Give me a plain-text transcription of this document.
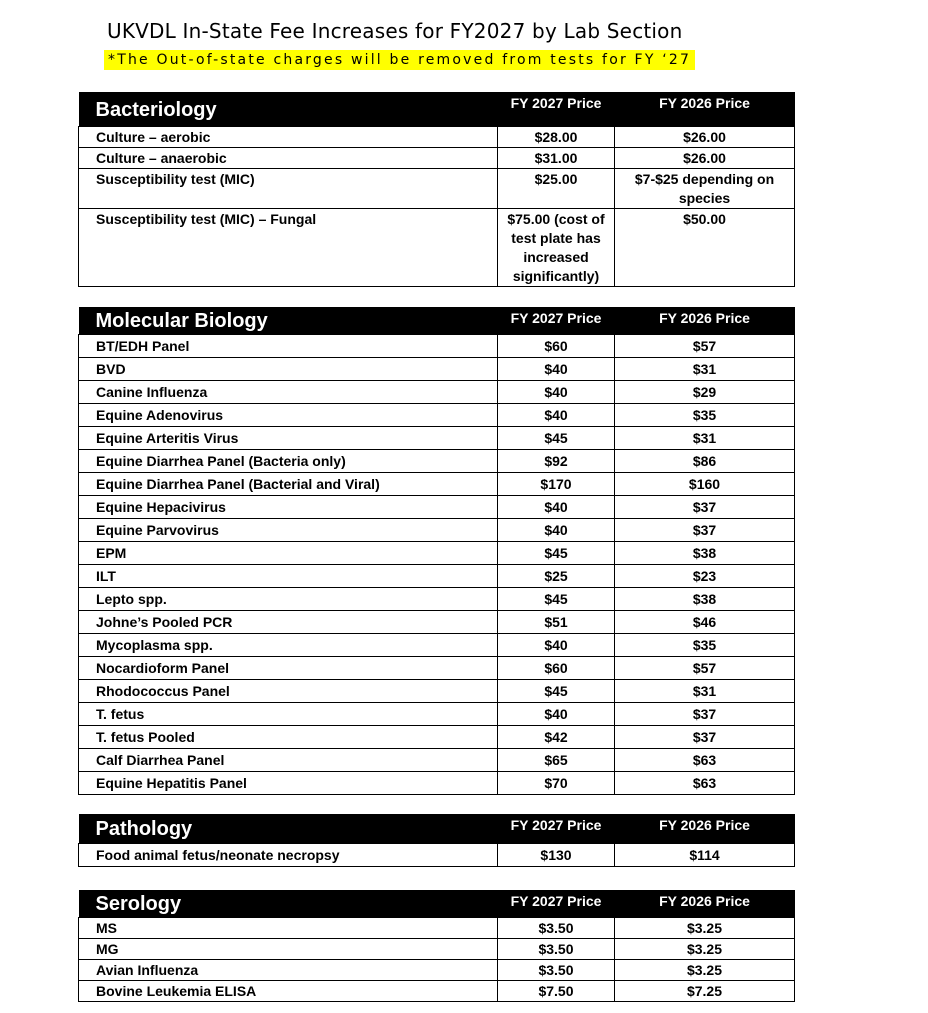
UKVDL In-State Fee Increases for FY2027 by Lab Section
*The Out-of-state charges will be removed from tests for FY ‘27
Bacteriology	FY 2027 Price	FY 2026 Price
Culture – aerobic	$28.00	$26.00
Culture – anaerobic	$31.00	$26.00
Susceptibility test (MIC)	$25.00	$7-$25 depending on species
Susceptibility test (MIC) – Fungal	$75.00 (cost of test plate has increased significantly)	$50.00
Molecular Biology	FY 2027 Price	FY 2026 Price
BT/EDH Panel	$60	$57
BVD	$40	$31
Canine Influenza	$40	$29
Equine Adenovirus	$40	$35
Equine Arteritis Virus	$45	$31
Equine Diarrhea Panel (Bacteria only)	$92	$86
Equine Diarrhea Panel (Bacterial and Viral)	$170	$160
Equine Hepacivirus	$40	$37
Equine Parvovirus	$40	$37
EPM	$45	$38
ILT	$25	$23
Lepto spp.	$45	$38
Johne’s Pooled PCR	$51	$46
Mycoplasma spp.	$40	$35
Nocardioform Panel	$60	$57
Rhodococcus Panel	$45	$31
T. fetus	$40	$37
T. fetus Pooled	$42	$37
Calf Diarrhea Panel	$65	$63
Equine Hepatitis Panel	$70	$63
Pathology	FY 2027 Price	FY 2026 Price
Food animal fetus/neonate necropsy	$130	$114
Serology	FY 2027 Price	FY 2026 Price
MS	$3.50	$3.25
MG	$3.50	$3.25
Avian Influenza	$3.50	$3.25
Bovine Leukemia ELISA	$7.50	$7.25
